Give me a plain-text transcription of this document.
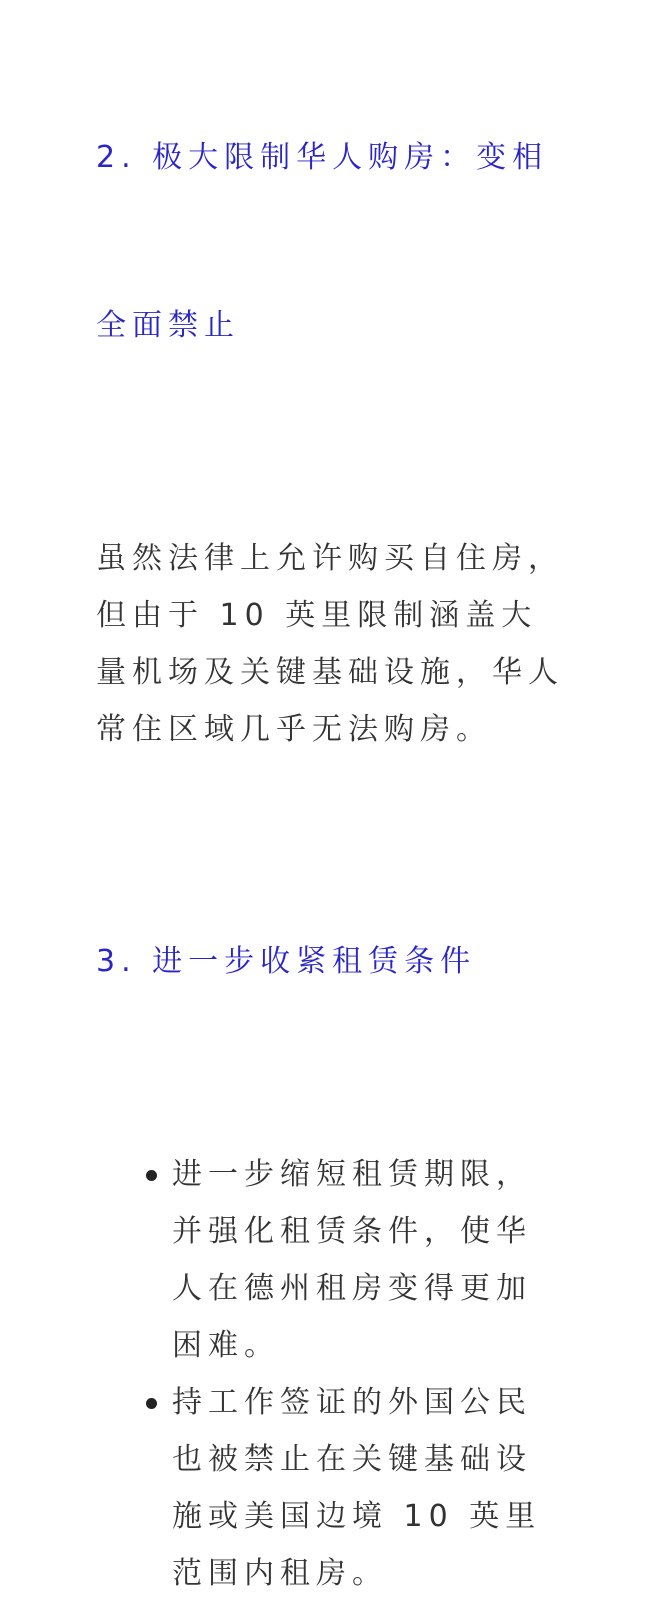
2. 极大限制华人购房：变相

全面禁止

虽然法律上允许购买自住房，
但由于 10 英里限制涵盖大
量机场及关键基础设施，华人
常住区域几乎无法购房。

3. 进一步收紧租赁条件

进一步缩短租赁期限，
并强化租赁条件，使华
人在德州租房变得更加
困难。
持工作签证的外国公民
也被禁止在关键基础设
施或美国边境 10 英里
范围内租房。
